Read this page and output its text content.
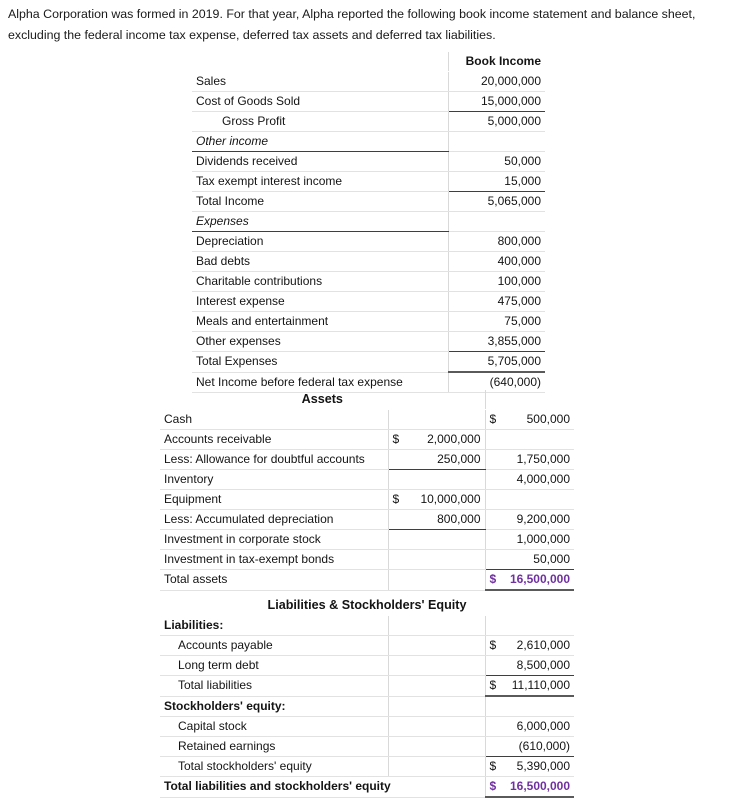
Alpha Corporation was formed in 2019. For that year, Alpha reported the following book income statement and balance sheet, excluding the federal income tax expense, deferred tax assets and deferred tax liabilities.
	Book Income
Sales	20,000,000
Cost of Goods Sold	15,000,000
Gross Profit	5,000,000
Other income	
Dividends received	50,000
Tax exempt interest income	15,000
Total Income	5,065,000
Expenses	
Depreciation	800,000
Bad debts	400,000
Charitable contributions	100,000
Interest expense	475,000
Meals and entertainment	75,000
Other expenses	3,855,000
Total Expenses	5,705,000
Net Income before federal tax expense	(640,000)
Assets		
Cash		$ 500,000

Accounts receivable	$ 2,000,000	

Less: Allowance for doubtful accounts	250,000	1,750,000

Inventory		4,000,000

Equipment	$ 10,000,000	

Less: Accumulated depreciation	800,000	9,200,000

Investment in corporate stock		1,000,000

Investment in tax-exempt bonds		50,000

Total assets		$ 16,500,000
Liabilities & Stockholders' Equity		
Liabilities:		

Accounts payable		$ 2,610,000

Long term debt		8,500,000

Total liabilities		$ 11,110,000

Stockholders' equity:		

Capital stock		6,000,000

Retained earnings		(610,000)

Total stockholders' equity		$ 5,390,000

Total liabilities and stockholders' equity		$ 16,500,000
